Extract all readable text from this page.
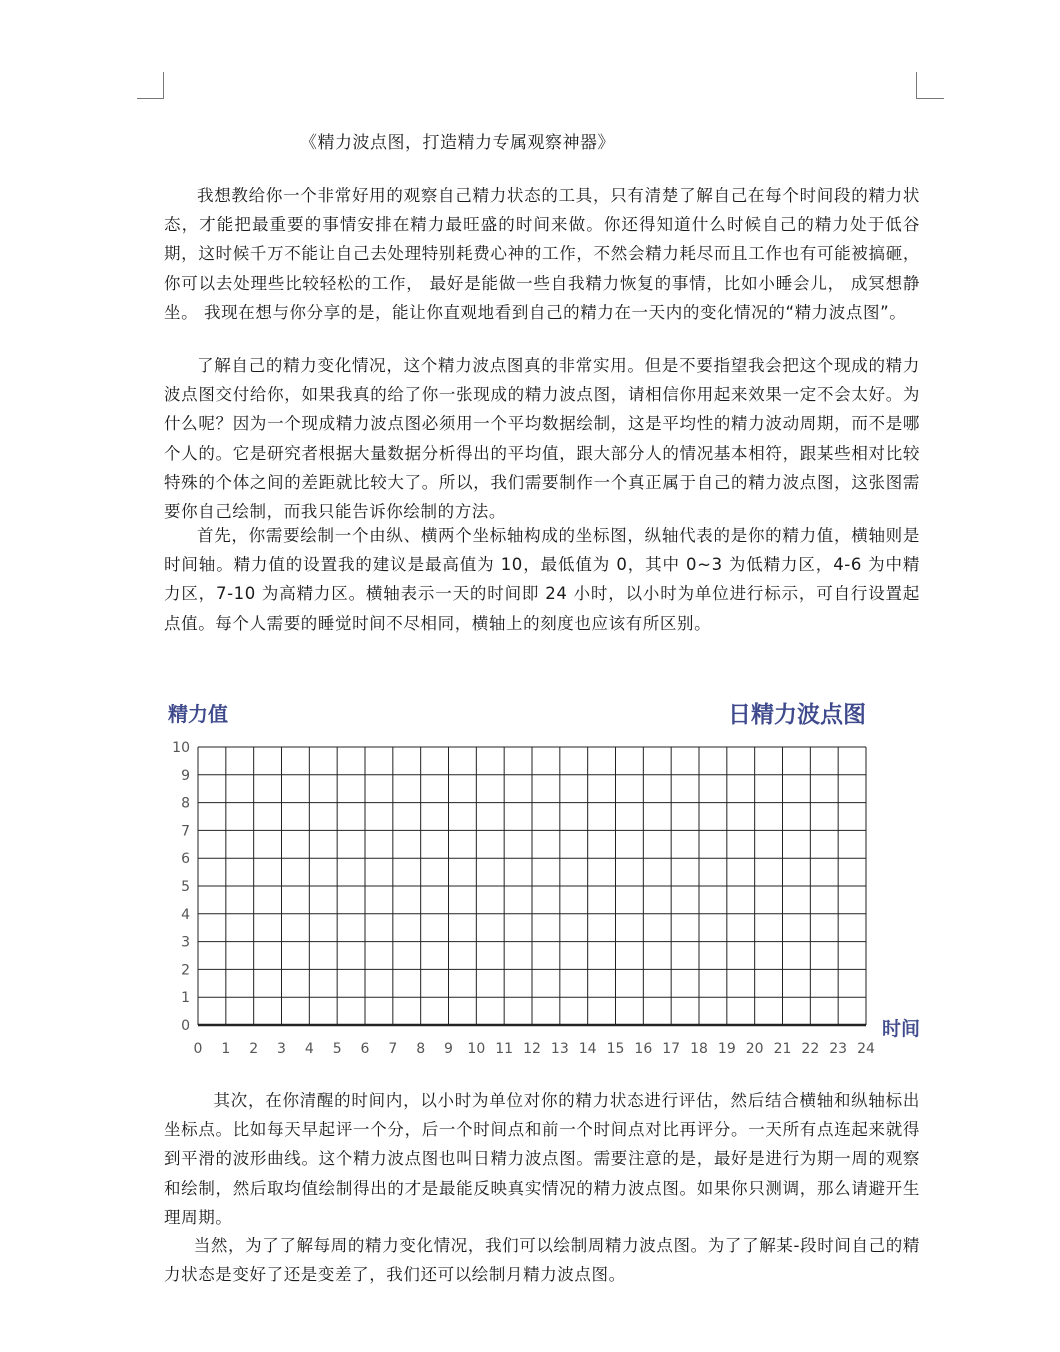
《精力波点图，打造精力专属观察神器》

我想教给你一个非常好用的观察自己精力状态的工具，只有清楚了解自己在每个时间段的精力状态，才能把最重要的事情安排在精力最旺盛的时间来做。你还得知道什么时候自己的精力处于低谷期，这时候千万不能让自己去处理特别耗费心神的工作，不然会精力耗尽而且工作也有可能被搞砸，你可以去处理些比较轻松的工作， 最好是能做一些自我精力恢复的事情，比如小睡会儿， 成冥想静坐。 我现在想与你分享的是，能让你直观地看到自己的精力在一天内的变化情况的“精力波点图”。

了解自己的精力变化情况，这个精力波点图真的非常实用。但是不要指望我会把这个现成的精力波点图交付给你，如果我真的给了你一张现成的精力波点图，请相信你用起来效果一定不会太好。为什么呢？因为一个现成精力波点图必须用一个平均数据绘制，这是平均性的精力波动周期，而不是哪个人的。它是研究者根据大量数据分析得出的平均值，跟大部分人的情况基本相符，跟某些相对比较特殊的个体之间的差距就比较大了。所以，我们需要制作一个真正属于自己的精力波点图，这张图需要你自己绘制，而我只能告诉你绘制的方法。

首先，你需要绘制一个由纵、横两个坐标轴构成的坐标图，纵轴代表的是你的精力值，横轴则是时间轴。精力值的设置我的建议是最高值为 10，最低值为 0，其中 0~3 为低精力区，4-6 为中精力区，7-10 为高精力区。横轴表示一天的时间即 24 小时，以小时为单位进行标示，可自行设置起点值。每个人需要的睡觉时间不尽相同，横轴上的刻度也应该有所区别。

精力值	日精力波点图
时间
0
1
2
3
4
5
6
7
8
9
10
0 1 2 3 4 5 6 7 8 9 10 11 12 13 14 15 16 17 18 19 20 21 22 23 24

其次，在你清醒的时间内，以小时为单位对你的精力状态进行评估，然后结合横轴和纵轴标出坐标点。比如每天早起评一个分，后一个时间点和前一个时间点对比再评分。一天所有点连起来就得到平滑的波形曲线。这个精力波点图也叫日精力波点图。需要注意的是，最好是进行为期一周的观察和绘制，然后取均值绘制得出的才是最能反映真实情况的精力波点图。如果你只测调，那么请避开生理周期。

当然，为了了解每周的精力变化情况，我们可以绘制周精力波点图。为了了解某-段时间自己的精力状态是变好了还是变差了，我们还可以绘制月精力波点图。
